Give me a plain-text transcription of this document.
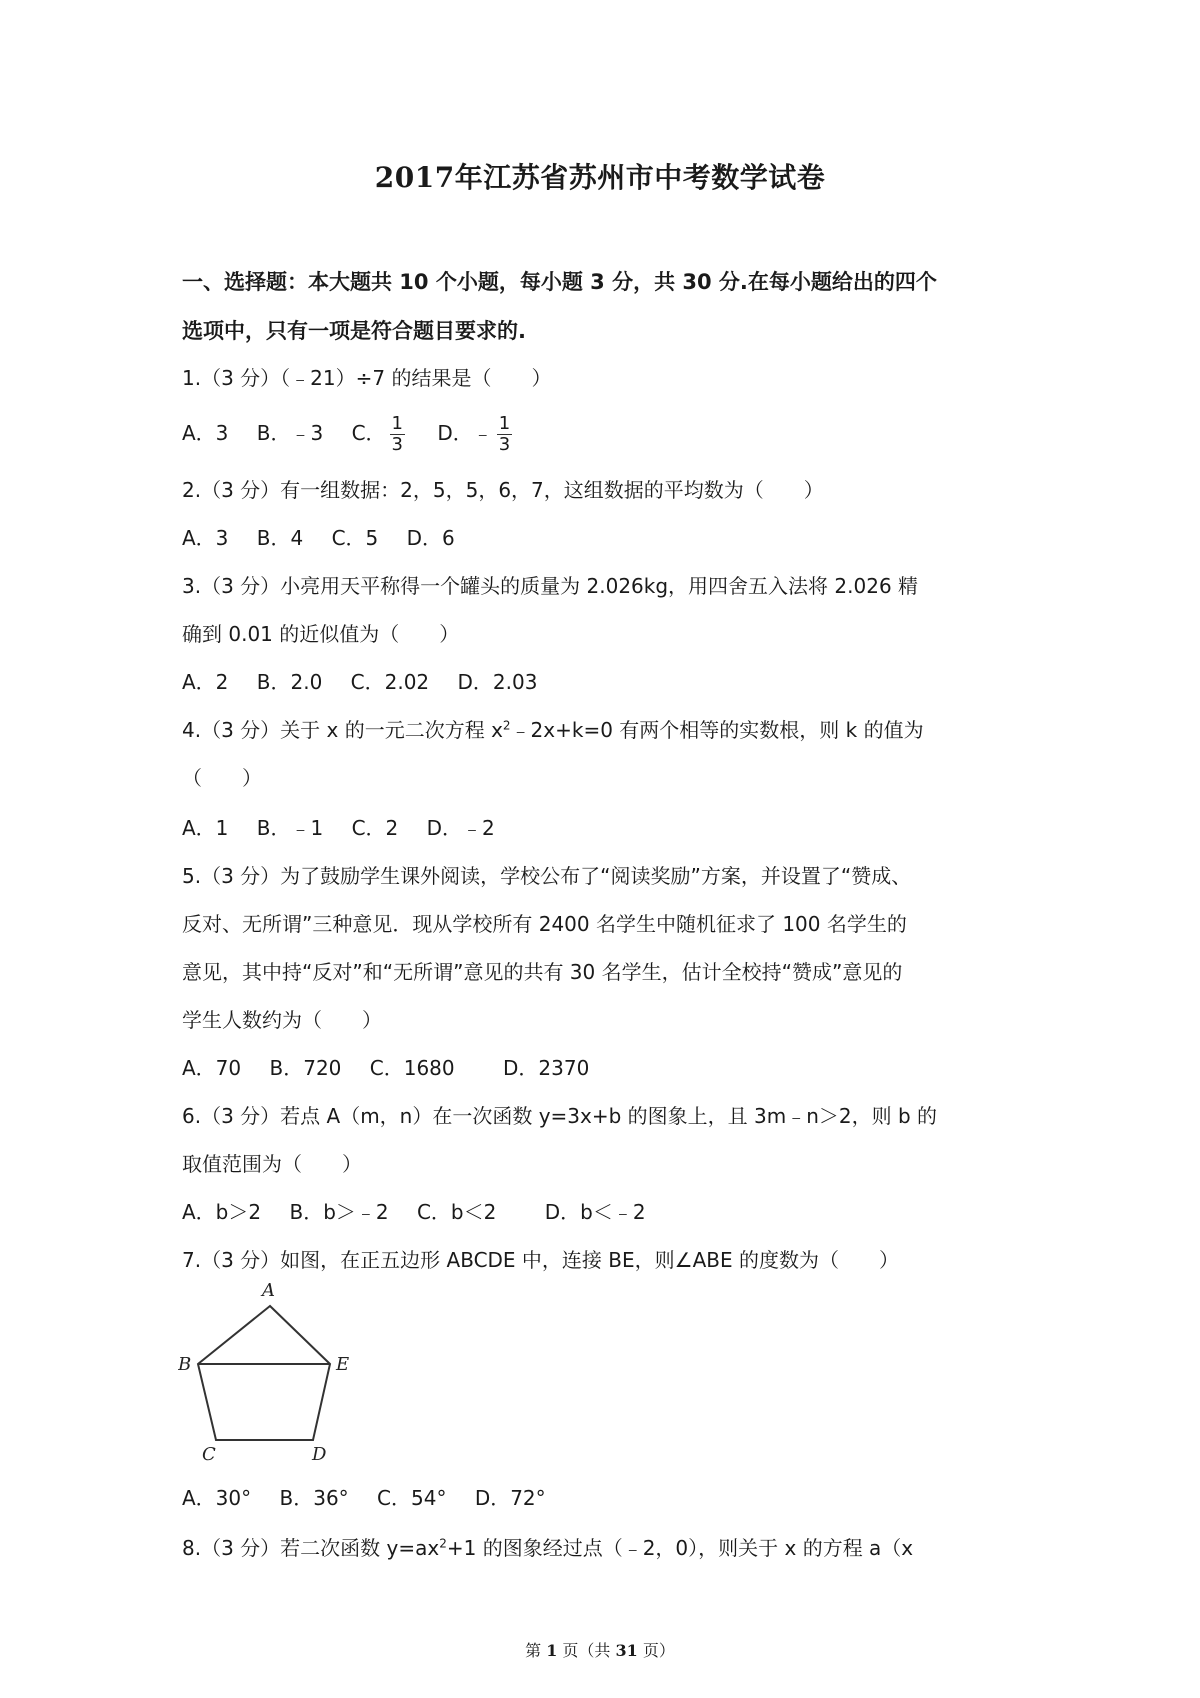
2017年江苏省苏州市中考数学试卷
一、选择题：本大题共 10 个小题，每小题 3 分，共 30 分.在每小题给出的四个
选项中，只有一项是符合题目要求的.
1.（3 分）（﹣21）÷7 的结果是（　　）
A．3 B．﹣3 C． $\frac{1}{3}$ D．﹣ $\frac{1}{3}$
2.（3 分）有一组数据：2，5，5，6，7，这组数据的平均数为（　　）
A．3 B．4 C．5 D．6
3.（3 分）小亮用天平称得一个罐头的质量为 2.026kg，用四舍五入法将 2.026 精
确到 0.01 的近似值为（　　）
A．2 B．2.0 C．2.02 D．2.03
4.（3 分）关于 x 的一元二次方程 $x^2﹣2x+k=0$ 有两个相等的实数根，则 k 的值为
（　　）
A．1 B．﹣1 C．2 D．﹣2
5.（3 分）为了鼓励学生课外阅读，学校公布了“阅读奖励”方案，并设置了“赞成、
反对、无所谓”三种意见．现从学校所有 2400 名学生中随机征求了 100 名学生的
意见，其中持“反对”和“无所谓”意见的共有 30 名学生，估计全校持“赞成”意见的
学生人数约为（　　）
A．70 B．720 C．1680 D．2370
6.（3 分）若点 A（m，n）在一次函数 y=3x+b 的图象上，且 3m﹣n＞2，则 b 的
取值范围为（　　）
A．b＞2 B．b＞﹣2 C．b＜2 D．b＜﹣2
7.（3 分）如图，在正五边形 ABCDE 中，连接 BE，则∠ABE 的度数为（　　）
A
B
C	D
E
A．30° B．36° C．54° D．72°
8.（3 分）若二次函数 $y=ax^2+1$ 的图象经过点（﹣2，0），则关于 x 的方程 a（x
第 1 页（共 31 页）
